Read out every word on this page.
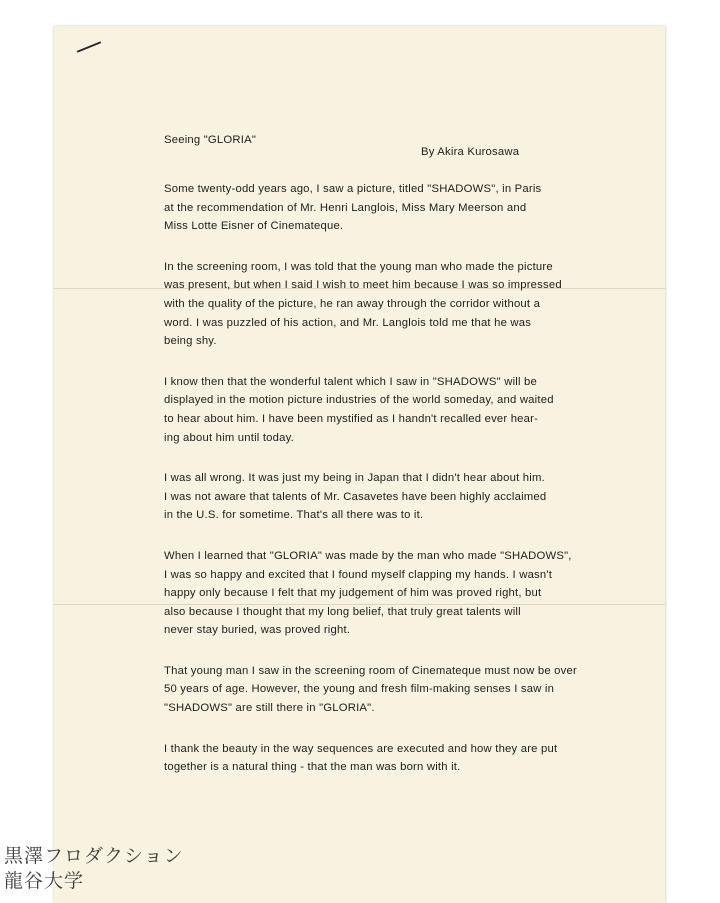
Seeing "GLORIA"
By Akira Kurosawa

Some twenty-odd years ago, I saw a picture, titled "SHADOWS", in Paris
at the recommendation of Mr. Henri Langlois, Miss Mary Meerson and
Miss Lotte Eisner of Cinemateque.

In the screening room, I was told that the young man who made the picture
was present, but when I said I wish to meet him because I was so impressed
with the quality of the picture, he ran away through the corridor without a
word. I was puzzled of his action, and Mr. Langlois told me that he was
being shy.

I know then that the wonderful talent which I saw in "SHADOWS" will be
displayed in the motion picture industries of the world someday, and waited
to hear about him. I have been mystified as I handn't recalled ever hear-
ing about him until today.

I was all wrong. It was just my being in Japan that I didn't hear about him.
I was not aware that talents of Mr. Casavetes have been highly acclaimed
in the U.S. for sometime. That's all there was to it.

When I learned that "GLORIA" was made by the man who made "SHADOWS",
I was so happy and excited that I found myself clapping my hands. I wasn't
happy only because I felt that my judgement of him was proved right, but
also because I thought that my long belief, that truly great talents will
never stay buried, was proved right.

That young man I saw in the screening room of Cinemateque must now be over
50 years of age. However, the young and fresh film-making senses I saw in
"SHADOWS" are still there in "GLORIA".

I thank the beauty in the way sequences are executed and how they are put
together is a natural thing - that the man was born with it.

黒澤フロダクション
龍谷大学
